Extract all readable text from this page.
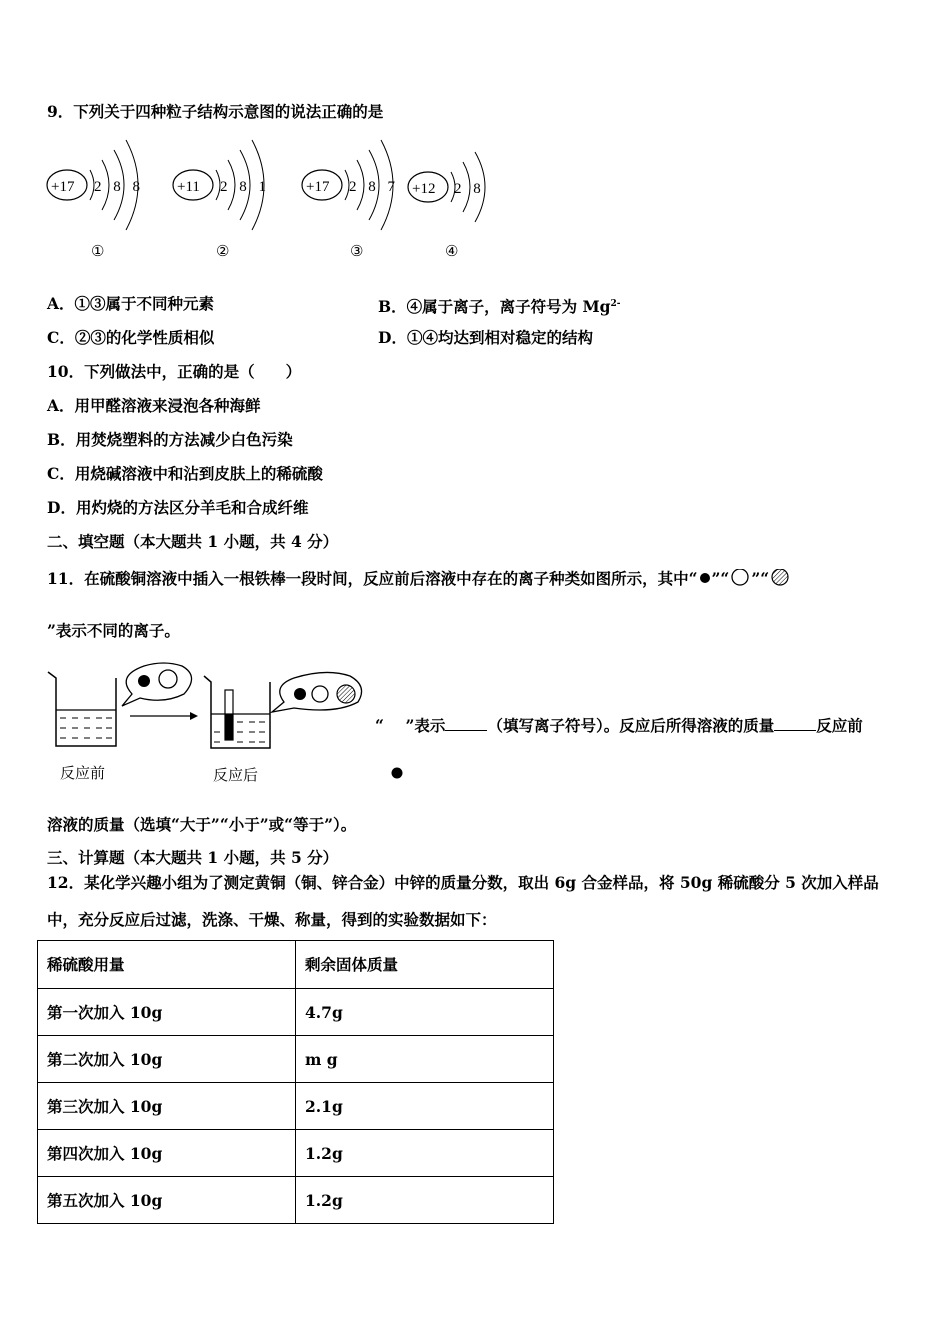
9．下列关于四种粒子结构示意图的说法正确的是
+17 2 8 8
①
+11 2 8 1
②
+17 2 8 7
③
+12 2 8
④
A．①③属于不同种元素	B．④属于离子，离子符号为 $Mg^{2-}$
C．②③的化学性质相似	D．①④均达到相对稳定的结构
10．下列做法中，正确的是（　　）
A．用甲醛溶液来浸泡各种海鲜
B．用焚烧塑料的方法减少白色污染
C．用烧碱溶液中和沾到皮肤上的稀硫酸
D．用灼烧的方法区分羊毛和合成纤维
二、填空题（本大题共 1 小题，共 4 分）
11．在硫酸铜溶液中插入一根铁棒一段时间，反应前后溶液中存在的离子种类如图所示，其中“ ”“ ”“
”表示不同的离子。
反应前	反应后
“ ”表示	（填写离子符号）。反应后所得溶液的质量	反应前
溶液的质量（选填“大于”“小于”或“等于”）。
三、计算题（本大题共 1 小题，共 5 分）
12．某化学兴趣小组为了测定黄铜（铜、锌合金）中锌的质量分数，取出 6g 合金样品，将 50g 稀硫酸分 5 次加入样品
中，充分反应后过滤，洗涤、干燥、称量，得到的实验数据如下：
稀硫酸用量	剩余固体质量
第一次加入 10g	4.7g
第二次加入 10g	m g
第三次加入 10g	2.1g
第四次加入 10g	1.2g
第五次加入 10g	1.2g
